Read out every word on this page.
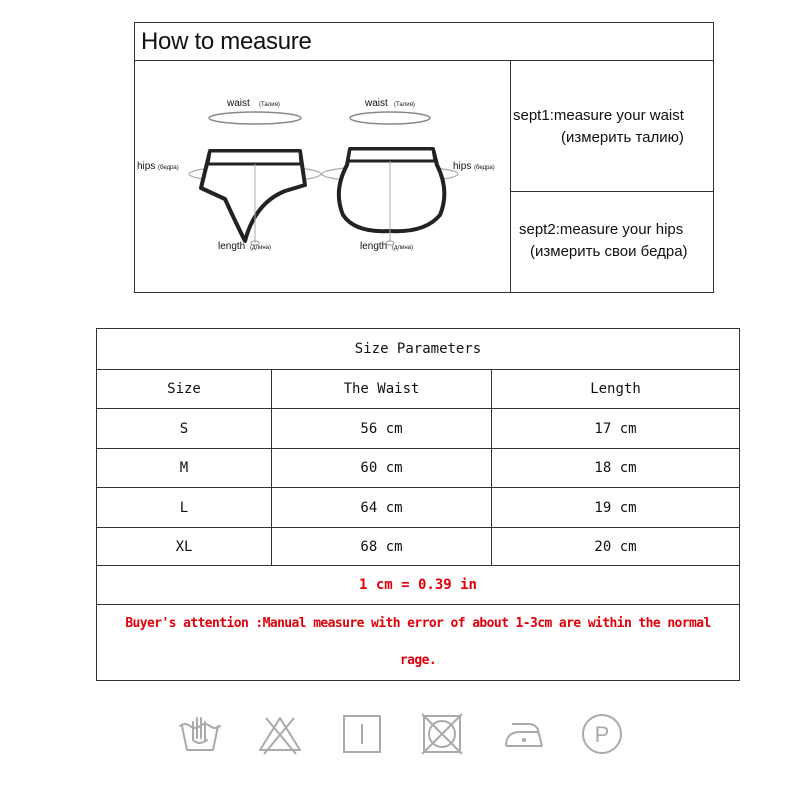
How to measure
waist (Талия)
hips (бедра)
length (длина)
waist (Талия)
hips (бедра)
length (длина)
sept1:measure your waist
(измерить талию)
sept2:measure your hips
(измерить свои бедра)
Size Parameters
Size	The Waist	Length
S	56 cm	17 cm
M	60 cm	18 cm
L	64 cm	19 cm
XL	68 cm	20 cm
1 cm = 0.39 in
Buyer's attention :Manual measure with error of about 1-3cm are within the normal
rage.
P
